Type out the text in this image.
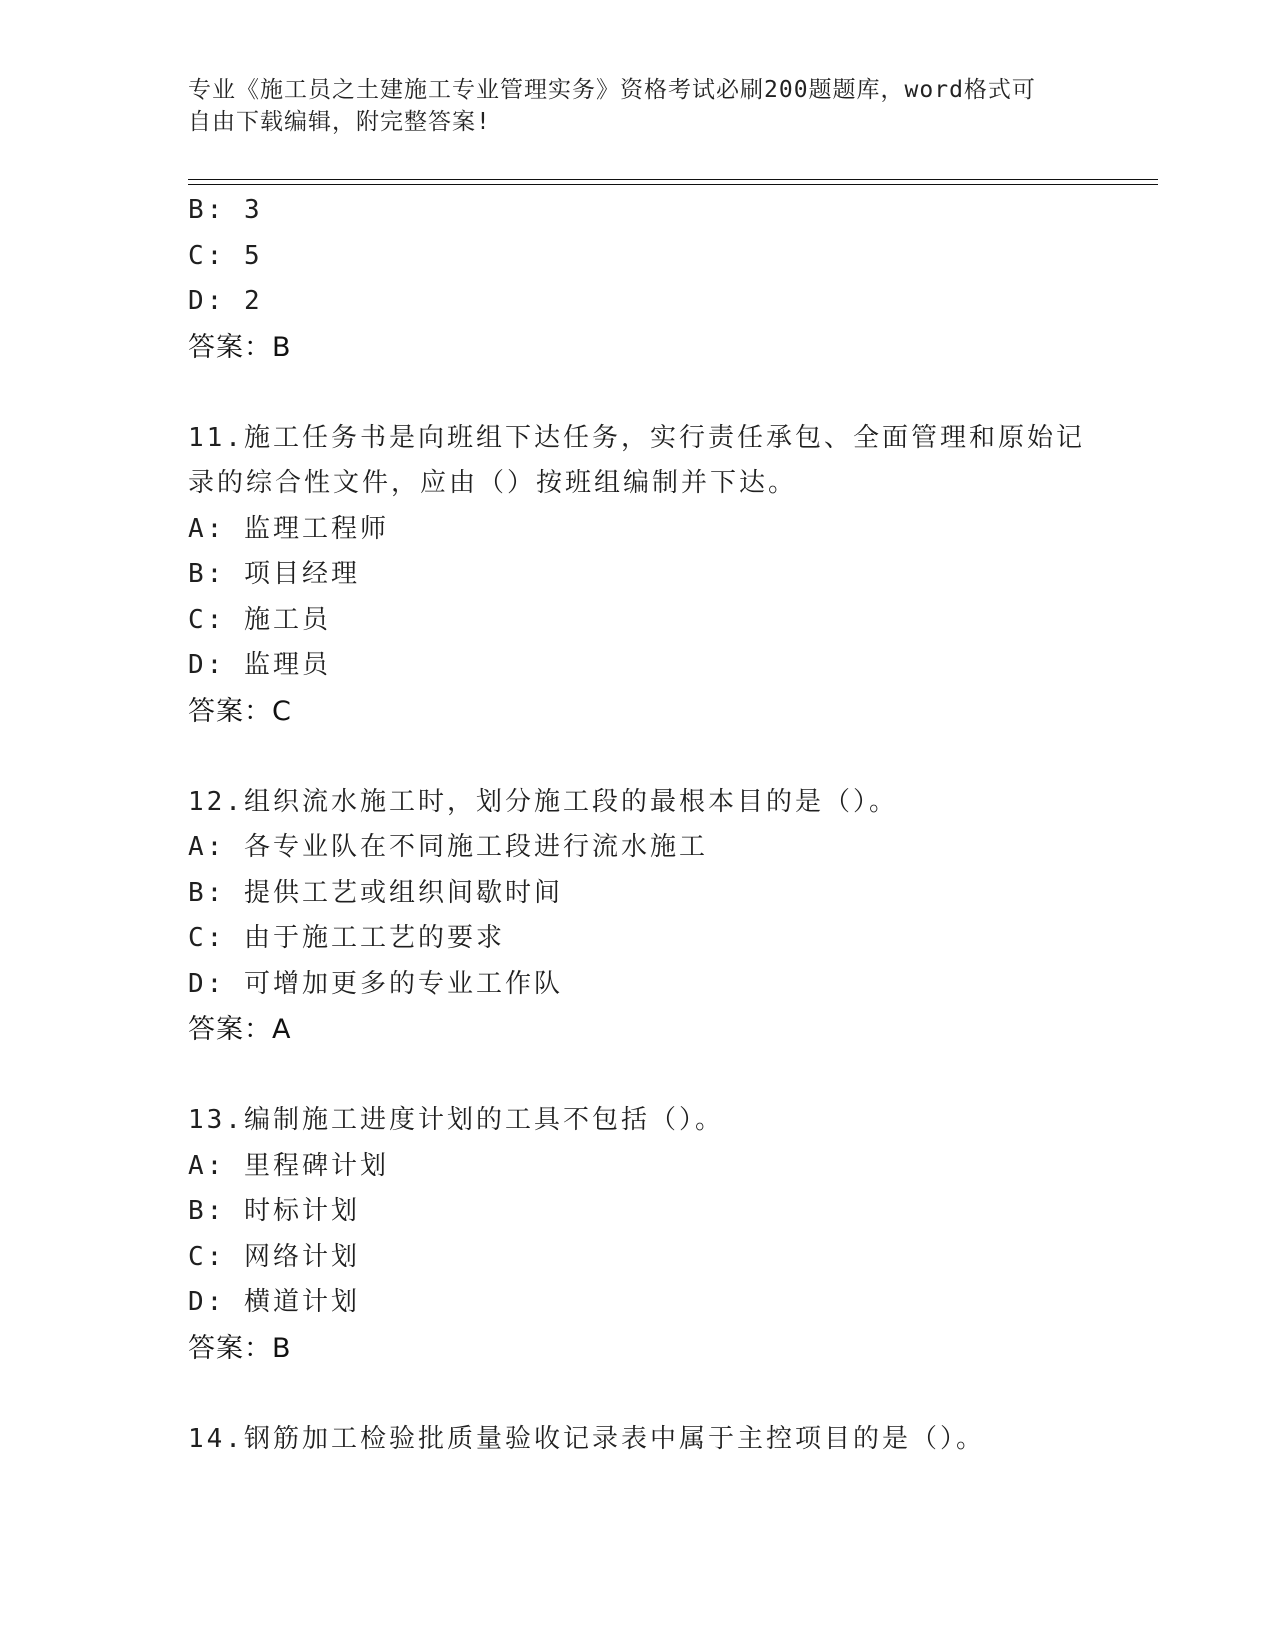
专业《施工员之土建施工专业管理实务》资格考试必刷200题题库，word格式可
自由下载编辑，附完整答案!
B: 3
C: 5
D: 2
答案：B
11.施工任务书是向班组下达任务，实行责任承包、全面管理和原始记
录的综合性文件，应由（）按班组编制并下达。
A: 监理工程师
B: 项目经理
C: 施工员
D: 监理员
答案：C
12.组织流水施工时，划分施工段的最根本目的是（）。
A: 各专业队在不同施工段进行流水施工
B: 提供工艺或组织间歇时间
C: 由于施工工艺的要求
D: 可增加更多的专业工作队
答案：A
13.编制施工进度计划的工具不包括（）。
A: 里程碑计划
B: 时标计划
C: 网络计划
D: 横道计划
答案：B
14.钢筋加工检验批质量验收记录表中属于主控项目的是（）。
